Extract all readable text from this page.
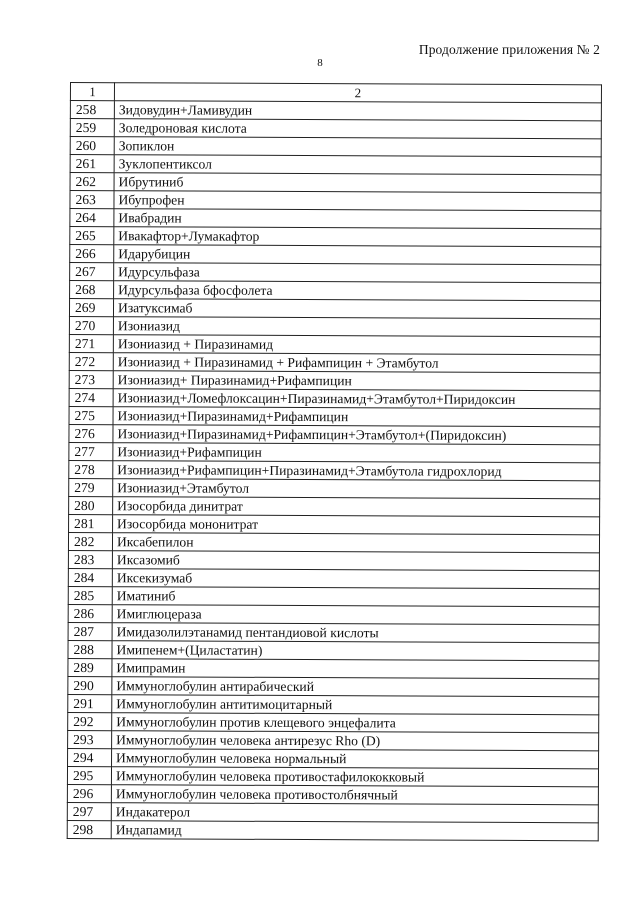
Продолжение приложения № 2
8
1	2
258	Зидовудин+Ламивудин
259	Золедроновая кислота
260	Зопиклон
261	Зуклопентиксол
262	Ибрутиниб
263	Ибупрофен
264	Ивабрадин
265	Ивакафтор+Лумакафтор
266	Идарубицин
267	Идурсульфаза
268	Идурсульфаза бфосфолета
269	Изатуксимаб
270	Изониазид
271	Изониазид + Пиразинамид
272	Изониазид + Пиразинамид + Рифампицин + Этамбутол
273	Изониазид+ Пиразинамид+Рифампицин
274	Изониазид+Ломефлоксацин+Пиразинамид+Этамбутол+Пиридоксин
275	Изониазид+Пиразинамид+Рифампицин
276	Изониазид+Пиразинамид+Рифампицин+Этамбутол+(Пиридоксин)
277	Изониазид+Рифампицин
278	Изониазид+Рифампицин+Пиразинамид+Этамбутола гидрохлорид
279	Изониазид+Этамбутол
280	Изосорбида динитрат
281	Изосорбида мононитрат
282	Иксабепилон
283	Иксазомиб
284	Иксекизумаб
285	Иматиниб
286	Имиглюцераза
287	Имидазолилэтанамид пентандиовой кислоты
288	Имипенем+(Циластатин)
289	Имипрамин
290	Иммуноглобулин антирабический
291	Иммуноглобулин антитимоцитарный
292	Иммуноглобулин против клещевого энцефалита
293	Иммуноглобулин человека антирезус Rho (D)
294	Иммуноглобулин человека нормальный
295	Иммуноглобулин человека противостафилококковый
296	Иммуноглобулин человека противостолбнячный
297	Индакатерол
298	Индапамид
